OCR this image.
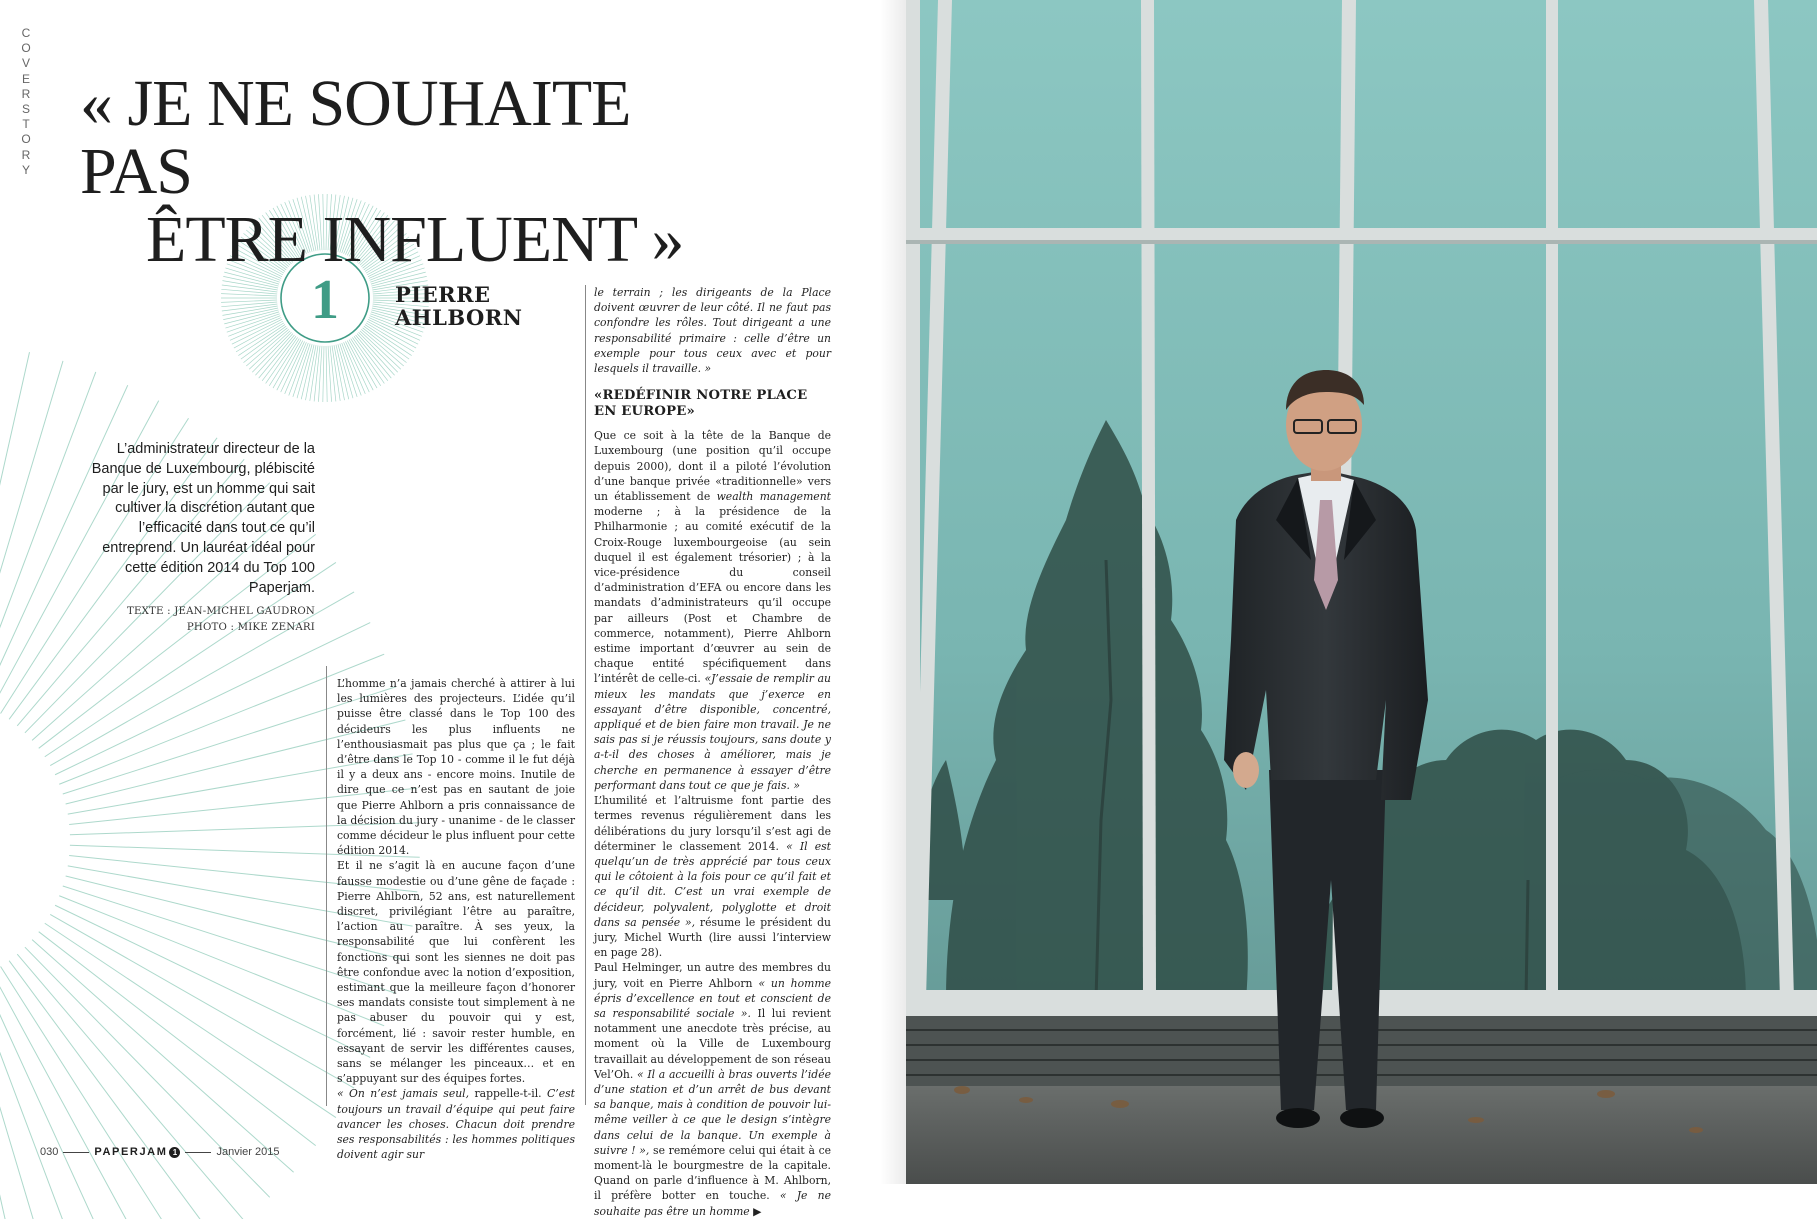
C
O
V
E
R
S
T
O
R
Y
« JE NE SOUHAITE PAS
ÊTRE INFLUENT »
1	PIERRE
AHLBORN
L’administrateur directeur de la Banque de Luxembourg, plébiscité par le jury, est un homme qui sait cultiver la discrétion autant que l’efficacité dans tout ce qu’il entreprend. Un lauréat idéal pour cette édition 2014 du Top 100 Paperjam.
TEXTE : JEAN-MICHEL GAUDRON
PHOTO : MIKE ZENARI

L’homme n’a jamais cherché à attirer à lui les lumières des projecteurs. L’idée qu’il puisse être classé dans le Top 100 des décideurs les plus influents ne l’enthousiasmait pas plus que ça ; le fait d’être dans le Top 10 - comme il le fut déjà il y a deux ans - encore moins. Inutile de dire que ce n’est pas en sautant de joie que Pierre Ahlborn a pris connaissance de la décision du jury - unanime - de le classer comme décideur le plus influent pour cette édition 2014.

Et il ne s’agit là en aucune façon d’une fausse modestie ou d’une gêne de façade : Pierre Ahlborn, 52 ans, est naturellement discret, privilégiant l’être au paraître, l’action au paraître. À ses yeux, la responsabilité que lui confèrent les fonctions qui sont les siennes ne doit pas être confondue avec la notion d’exposition, estimant que la meilleure façon d’honorer ses mandats consiste tout simplement à ne pas abuser du pouvoir qui y est, forcément, lié : savoir rester humble, en essayant de servir les différentes causes, sans se mélanger les pinceaux… et en s’appuyant sur des équipes fortes.

« On n’est jamais seul, rappelle-t-il. C’est toujours un travail d’équipe qui peut faire avancer les choses. Chacun doit prendre ses responsabilités : les hommes politiques doivent agir sur

le terrain ; les dirigeants de la Place doivent œuvrer de leur côté. Il ne faut pas confondre les rôles. Tout dirigeant a une responsabilité primaire : celle d’être un exemple pour tous ceux avec et pour lesquels il travaille. »

«REDÉFINIR NOTRE PLACE EN EUROPE»

Que ce soit à la tête de la Banque de Luxembourg (une position qu’il occupe depuis 2000), dont il a piloté l’évolution d’une banque privée «traditionnelle» vers un établissement de wealth management moderne ; à la présidence de la Philharmonie ; au comité exécutif de la Croix-Rouge luxembourgeoise (au sein duquel il est également trésorier) ; à la vice-présidence du conseil d’administration d’EFA ou encore dans les mandats d’administrateurs qu’il occupe par ailleurs (Post et Chambre de commerce, notamment), Pierre Ahlborn estime important d’œuvrer au sein de chaque entité spécifiquement dans l’intérêt de celle-ci. «J’essaie de remplir au mieux les mandats que j’exerce en essayant d’être disponible, concentré, appliqué et de bien faire mon travail. Je ne sais pas si je réussis toujours, sans doute y a-t-il des choses à améliorer, mais je cherche en permanence à essayer d’être performant dans tout ce que je fais. »

L’humilité et l’altruisme font partie des termes revenus régulièrement dans les délibérations du jury lorsqu’il s’est agi de déterminer le classement 2014. « Il est quelqu’un de très apprécié par tous ceux qui le côtoient à la fois pour ce qu’il fait et ce qu’il dit. C’est un vrai exemple de décideur, polyvalent, polyglotte et droit dans sa pensée », résume le président du jury, Michel Wurth (lire aussi l’interview en page 28).

Paul Helminger, un autre des membres du jury, voit en Pierre Ahlborn « un homme épris d’excellence en tout et conscient de sa responsabilité sociale ». Il lui revient notamment une anecdote très précise, au moment où la Ville de Luxembourg travaillait au développement de son réseau Vel’Oh. « Il a accueilli à bras ouverts l’idée d’une station et d’un arrêt de bus devant sa banque, mais à condition de pouvoir lui-même veiller à ce que le design s’intègre dans celui de la banque. Un exemple à suivre ! », se remémore celui qui était à ce moment-là le bourgmestre de la capitale. Quand on parle d’influence à M. Ahlborn, il préfère botter en touche. « Je ne souhaite pas être un homme ▶

030	PAPERJAM 1	Janvier 2015
